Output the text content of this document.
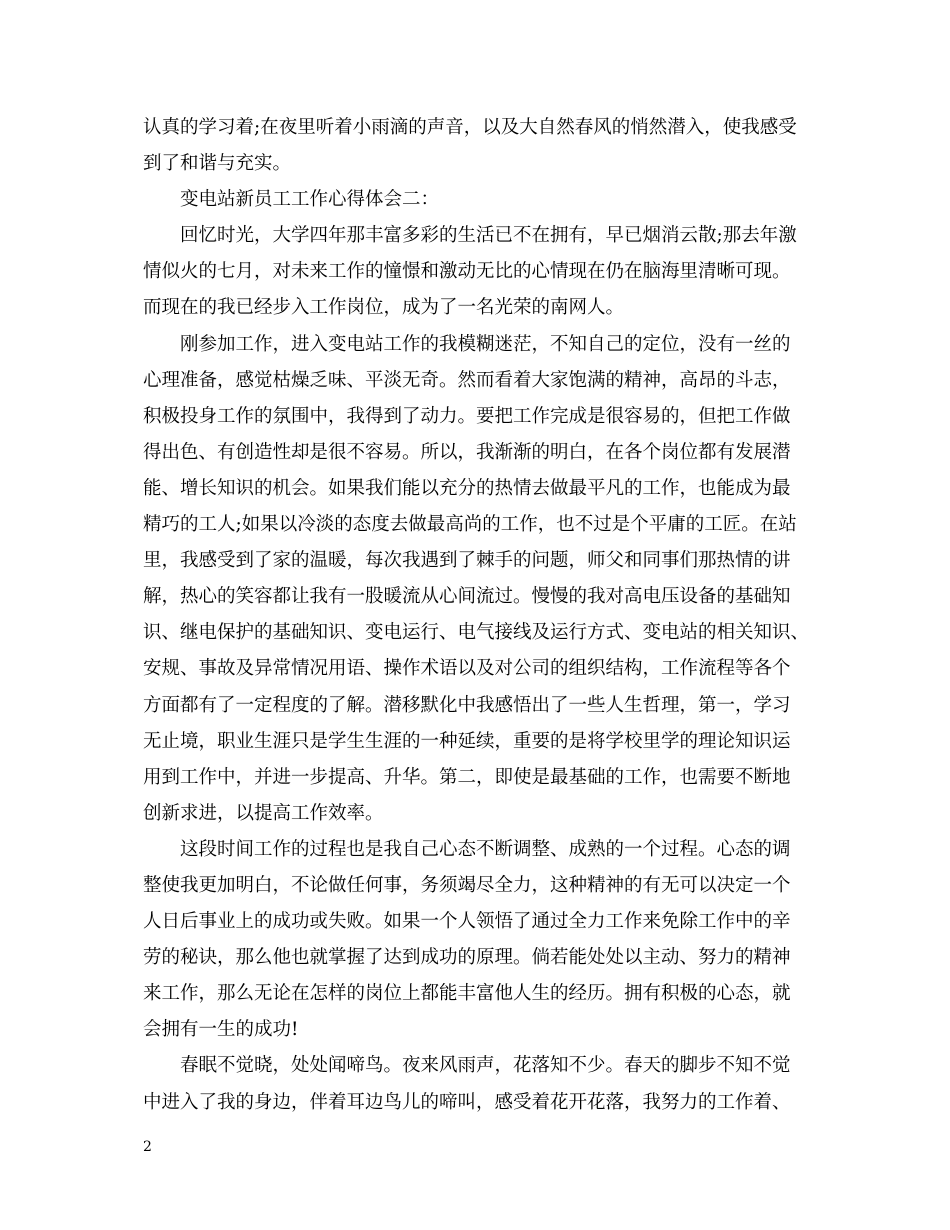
认真的学习着;在夜里听着小雨滴的声音，以及大自然春风的悄然潜入，使我感受
到了和谐与充实。
变电站新员工工作心得体会二：
回忆时光，大学四年那丰富多彩的生活已不在拥有，早已烟消云散;那去年激
情似火的七月，对未来工作的憧憬和激动无比的心情现在仍在脑海里清晰可现。
而现在的我已经步入工作岗位，成为了一名光荣的南网人。
刚参加工作，进入变电站工作的我模糊迷茫，不知自己的定位，没有一丝的
心理准备，感觉枯燥乏味、平淡无奇。然而看着大家饱满的精神，高昂的斗志，
积极投身工作的氛围中，我得到了动力。要把工作完成是很容易的，但把工作做
得出色、有创造性却是很不容易。所以，我渐渐的明白，在各个岗位都有发展潜
能、增长知识的机会。如果我们能以充分的热情去做最平凡的工作，也能成为最
精巧的工人;如果以冷淡的态度去做最高尚的工作，也不过是个平庸的工匠。在站
里，我感受到了家的温暖，每次我遇到了棘手的问题，师父和同事们那热情的讲
解，热心的笑容都让我有一股暖流从心间流过。慢慢的我对高电压设备的基础知
识、继电保护的基础知识、变电运行、电气接线及运行方式、变电站的相关知识、
安规、事故及异常情况用语、操作术语以及对公司的组织结构，工作流程等各个
方面都有了一定程度的了解。潜移默化中我感悟出了一些人生哲理，第一，学习
无止境，职业生涯只是学生生涯的一种延续，重要的是将学校里学的理论知识运
用到工作中，并进一步提高、升华。第二，即使是最基础的工作，也需要不断地
创新求进，以提高工作效率。
这段时间工作的过程也是我自己心态不断调整、成熟的一个过程。心态的调
整使我更加明白，不论做任何事，务须竭尽全力，这种精神的有无可以决定一个
人日后事业上的成功或失败。如果一个人领悟了通过全力工作来免除工作中的辛
劳的秘诀，那么他也就掌握了达到成功的原理。倘若能处处以主动、努力的精神
来工作，那么无论在怎样的岗位上都能丰富他人生的经历。拥有积极的心态，就
会拥有一生的成功!
春眠不觉晓，处处闻啼鸟。夜来风雨声，花落知不少。春天的脚步不知不觉
中进入了我的身边，伴着耳边鸟儿的啼叫，感受着花开花落，我努力的工作着、
2
